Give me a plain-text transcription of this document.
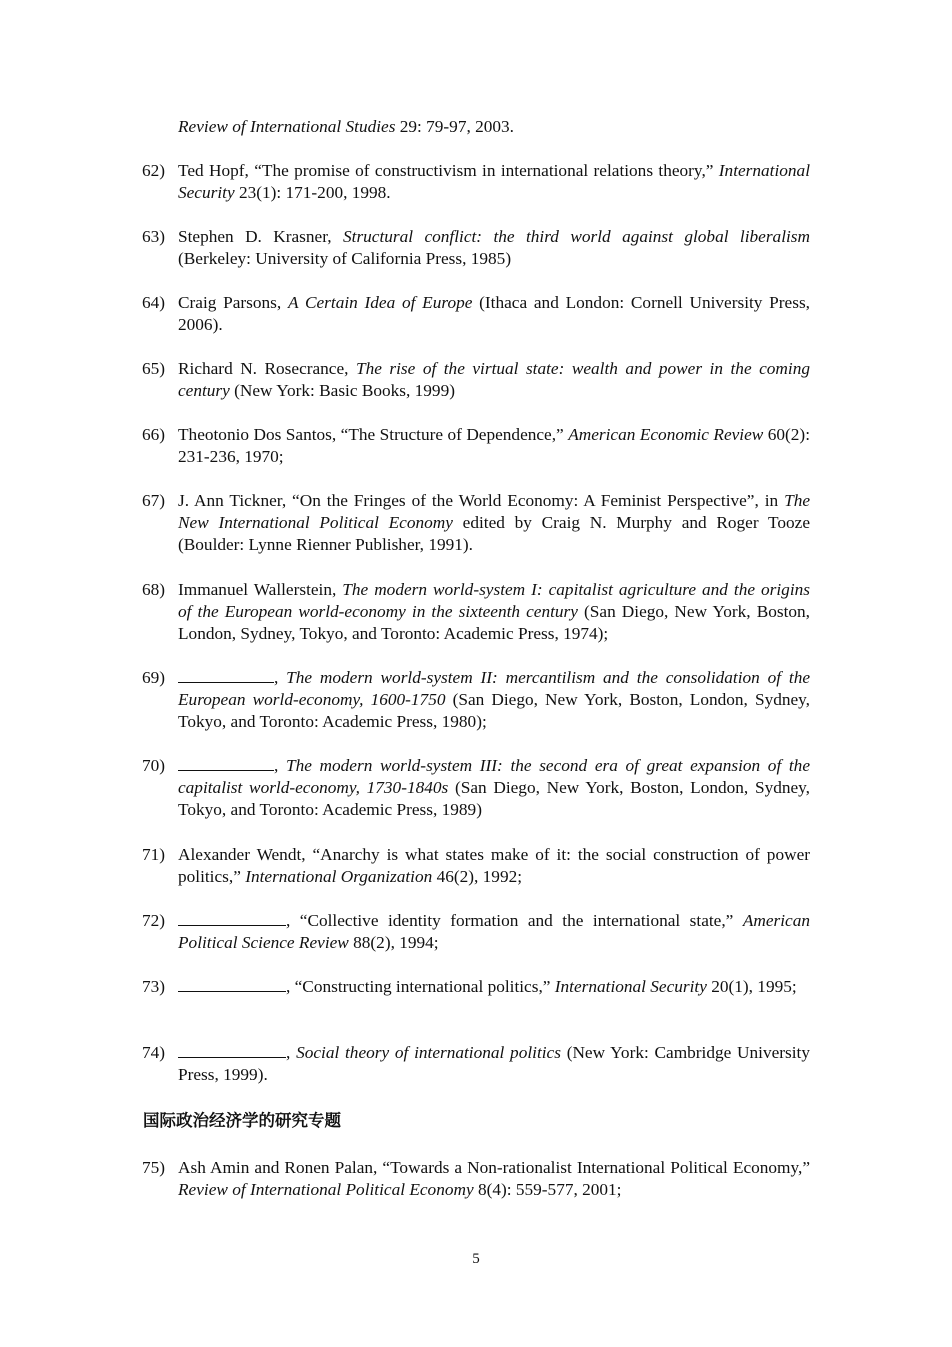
Review of International Studies 29: 79-97, 2003.
62) Ted Hopf, “The promise of constructivism in international relations theory,” International Security 23(1): 171-200, 1998.
63) Stephen D. Krasner, Structural conflict: the third world against global liberalism (Berkeley: University of California Press, 1985)
64) Craig Parsons, A Certain Idea of Europe (Ithaca and London: Cornell University Press, 2006).
65) Richard N. Rosecrance, The rise of the virtual state: wealth and power in the coming century (New York: Basic Books, 1999)
66) Theotonio Dos Santos, “The Structure of Dependence,” American Economic Review 60(2): 231-236, 1970;
67) J. Ann Tickner, “On the Fringes of the World Economy: A Feminist Perspective”, in The New International Political Economy edited by Craig N. Murphy and Roger Tooze (Boulder: Lynne Rienner Publisher, 1991).
68) Immanuel Wallerstein, The modern world-system I: capitalist agriculture and the origins of the European world-economy in the sixteenth century (San Diego, New York, Boston, London, Sydney, Tokyo, and Toronto: Academic Press, 1974);
69)	, The modern world-system II: mercantilism and the consolidation of the European world-economy, 1600-1750 (San Diego, New York, Boston, London, Sydney, Tokyo, and Toronto: Academic Press, 1980);
70)	, The modern world-system III: the second era of great expansion of the capitalist world-economy, 1730-1840s (San Diego, New York, Boston, London, Sydney, Tokyo, and Toronto: Academic Press, 1989)
71) Alexander Wendt, “Anarchy is what states make of it: the social construction of power politics,” International Organization 46(2), 1992;
72)	, “Collective identity formation and the international state,” American Political Science Review 88(2), 1994;
73)	, “Constructing international politics,” International Security 20(1), 1995;
74)	, Social theory of international politics (New York: Cambridge University Press, 1999).
国际政治经济学的研究专题
75) Ash Amin and Ronen Palan, “Towards a Non-rationalist International Political Economy,” Review of International Political Economy 8(4): 559-577, 2001;
5
